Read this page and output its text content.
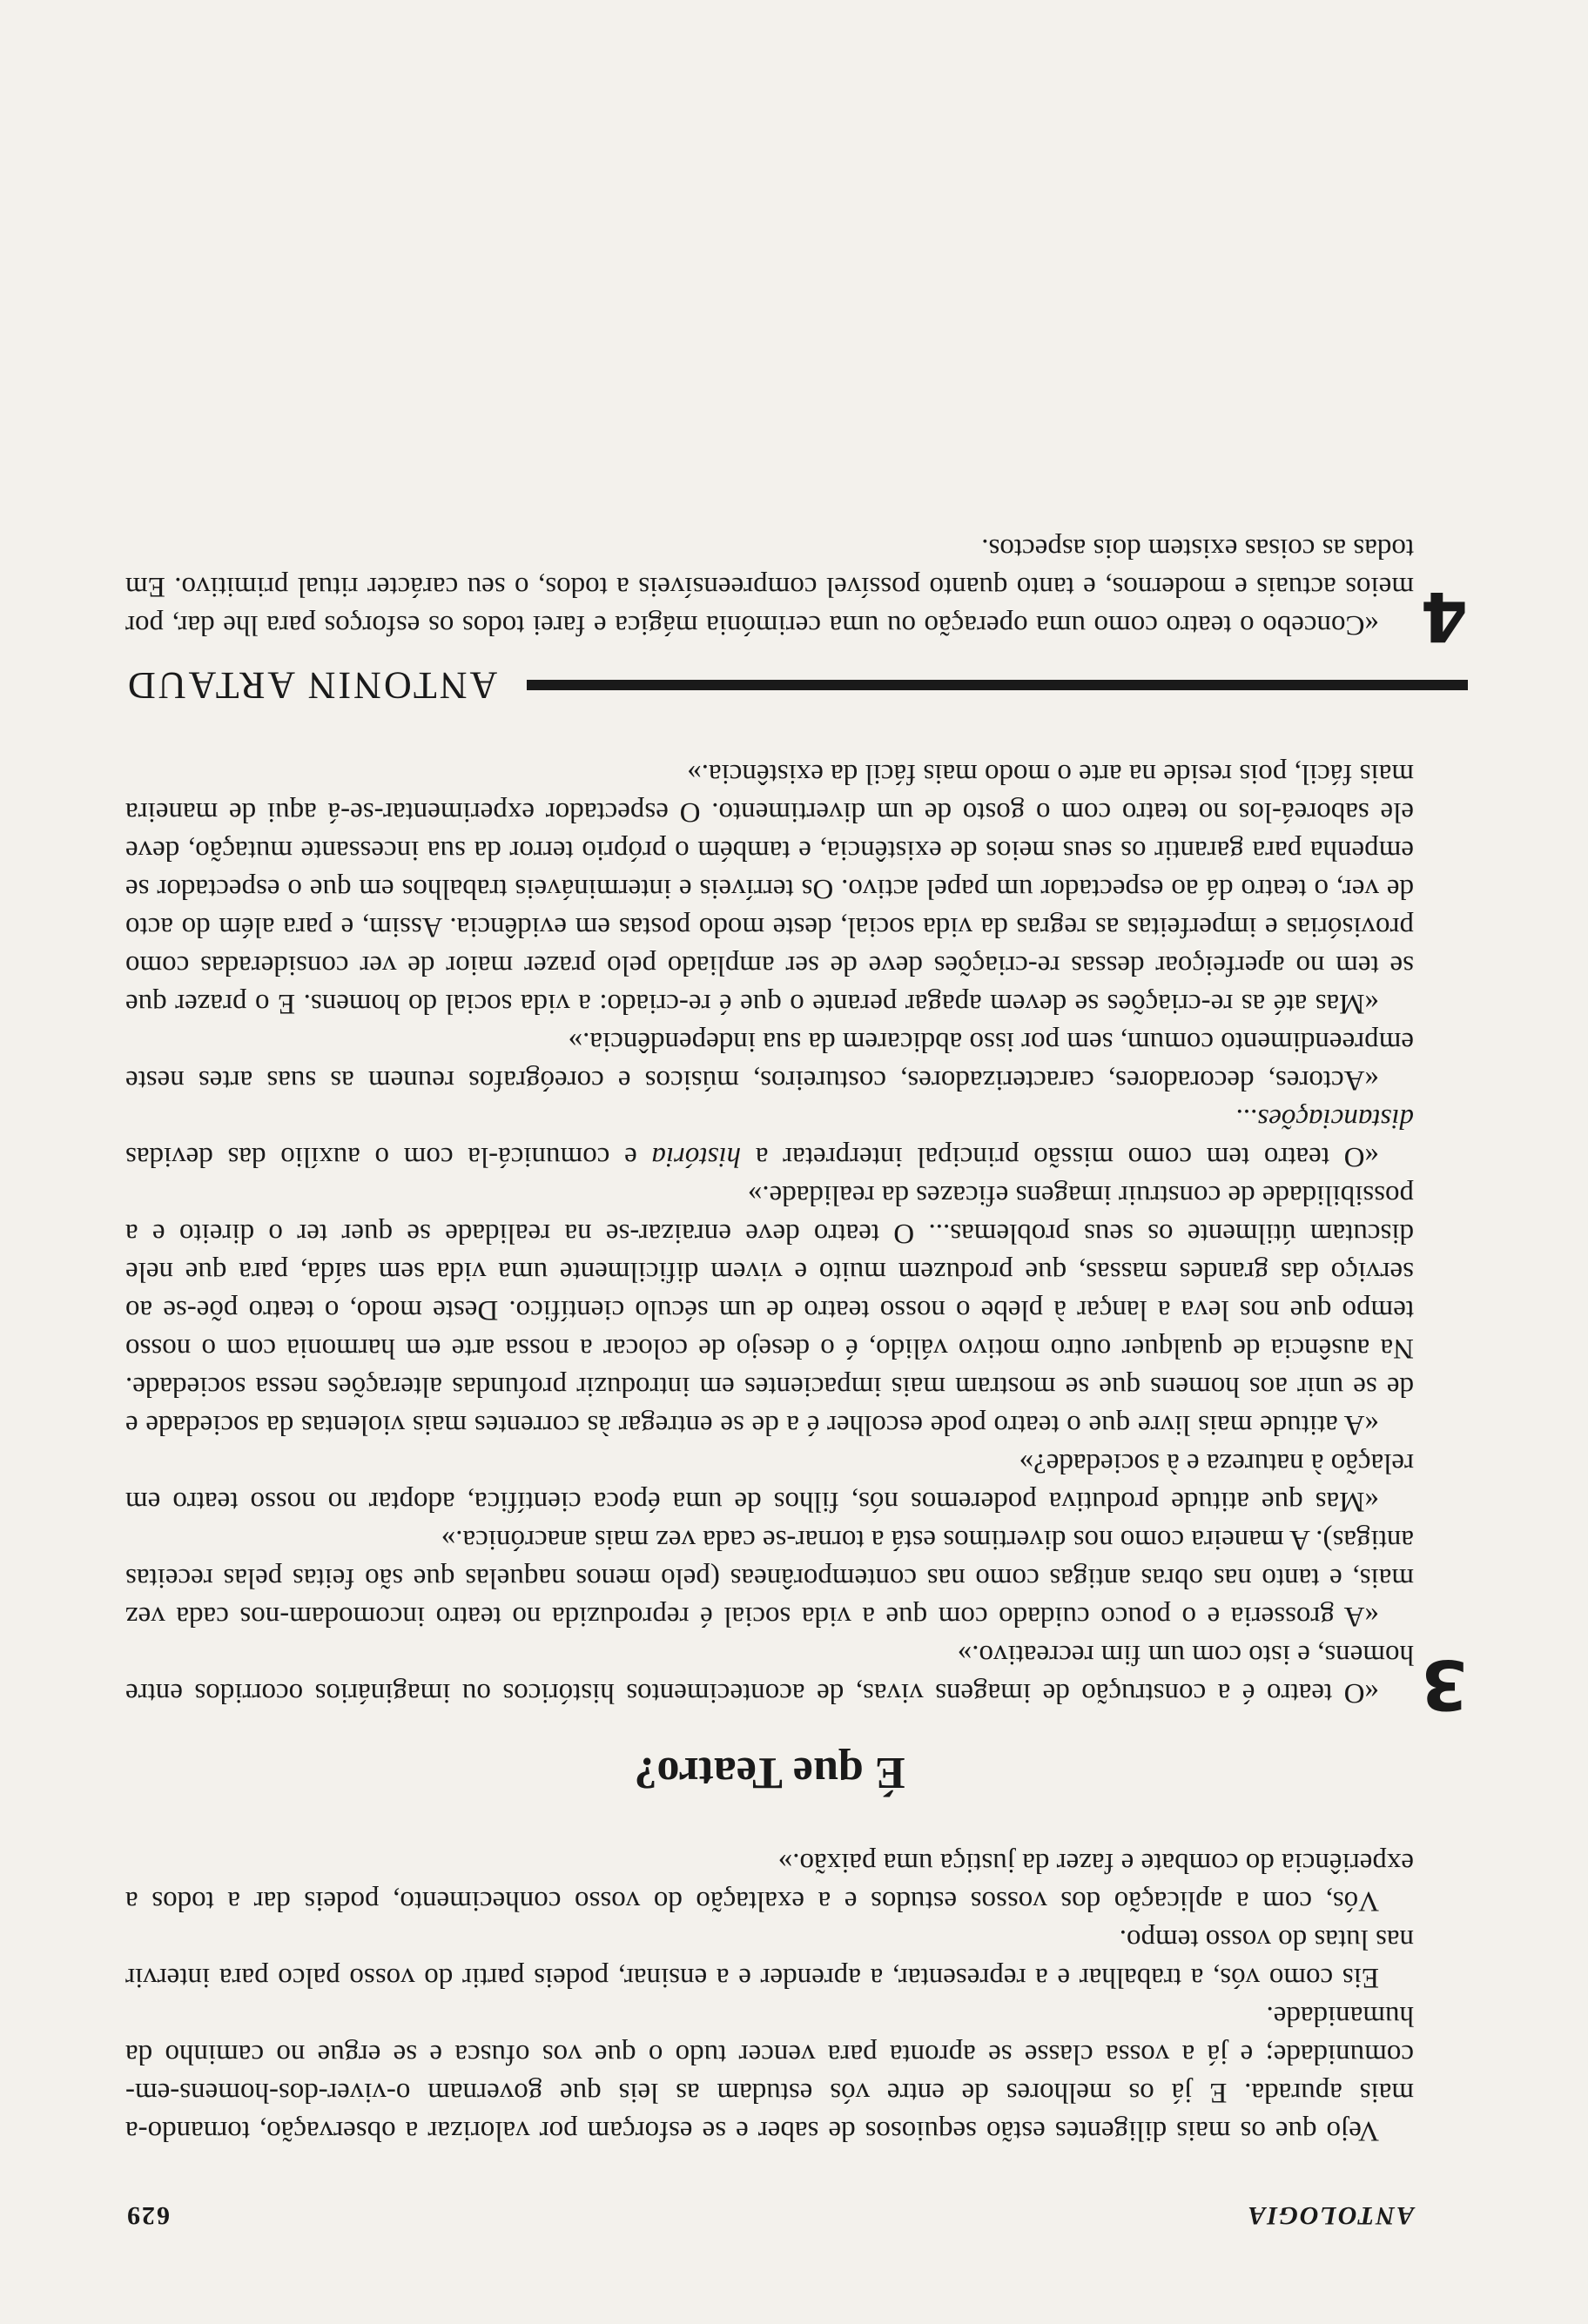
ANTOLOGIA
629

Vejo que os mais diligentes estão sequiosos de saber e se esforçam por valorizar a observação, tornando-a mais apurada. E já os melhores de entre vós estudam as leis que governam o-viver-dos-homens-em-comunidade; e já a vossa classe se apronta para vencer tudo o que vos ofusca e se ergue no caminho da humanidade.

Eis como vós, a trabalhar e a representar, a aprender e a ensinar, podeis partir do vosso palco para intervir nas lutas do vosso tempo.

Vós, com a aplicação dos vossos estudos e a exaltação do vosso conhecimento, podeis dar a todos a experiência do combate e fazer da justiça uma paixão.»

É que Teatro?
3

«O teatro é a construção de imagens vivas, de acontecimentos históricos ou imaginários ocorridos entre homens, e isto com um fim recreativo.»

«A grosseria e o pouco cuidado com que a vida social é reproduzida no teatro incomodam-nos cada vez mais, e tanto nas obras antigas como nas contemporâneas (pelo menos naquelas que são feitas pelas receitas antigas). A maneira como nos divertimos está a tornar-se cada vez mais anacrónica.»

«Mas que atitude produtiva poderemos nós, filhos de uma época científica, adoptar no nosso teatro em relação à natureza e à sociedade?»

«A atitude mais livre que o teatro pode escolher é a de se entregar às correntes mais violentas da sociedade e de se unir aos homens que se mostram mais impacientes em introduzir profundas alterações nessa sociedade. Na ausência de qualquer outro motivo válido, é o desejo de colocar a nossa arte em harmonia com o nosso tempo que nos leva a lançar à plebe o nosso teatro de um século científico. Deste modo, o teatro põe-se ao serviço das grandes massas, que produzem muito e vivem dificilmente uma vida sem saída, para que nele discutam útilmente os seus problemas... O teatro deve enraizar-se na realidade se quer ter o direito e a possibilidade de construir imagens eficazes da realidade.»

«O teatro tem como missão principal interpretar a história e comunicá-la com o auxílio das devidas distanciações...

«Actores, decoradores, caracterizadores, costureiros, músicos e coreógrafos reunem as suas artes neste empreendimento comum, sem por isso abdicarem da sua independência.»

«Mas até as re-criações se devem apagar perante o que é re-criado: a vida social do homens. E o prazer que se tem no aperfeiçoar dessas re-criações deve de ser ampliado pelo prazer maior de ver consideradas como provisórias e imperfeitas as regras da vida social, deste modo postas em evidência. Assim, e para além do acto de ver, o teatro dá ao espectador um papel activo. Os terríveis e intermináveis trabalhos em que o espectador se empenha para garantir os seus meios de existência, e também o próprio terror da sua incessante mutação, deve ele saboreá-los no teatro com o gosto de um divertimento. O espectador experimentar-se-á aqui de maneira mais fácil, pois reside na arte o modo mais fácil da existência.»

ANTONIN ARTAUD
4

«Concebo o teatro como uma operação ou uma cerimónia mágica e farei todos os esforços para lhe dar, por meios actuais e modernos, e tanto quanto possível compreensíveis a todos, o seu carácter ritual primitivo. Em todas as coisas existem dois aspectos.
